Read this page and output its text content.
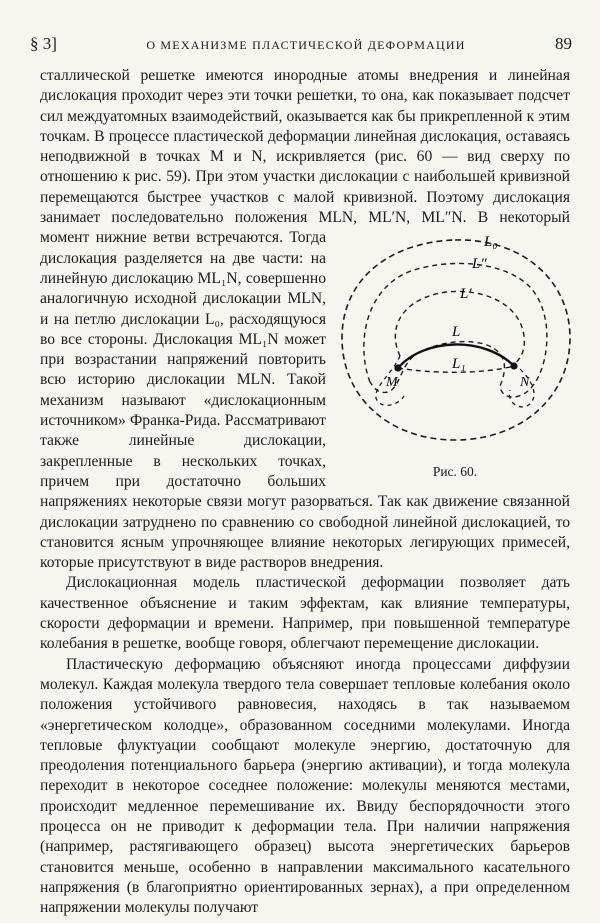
§ 3]	О МЕХАНИЗМЕ ПЛАСТИЧЕСКОЙ ДЕФОРМАЦИИ	89
L₀
L″
L′
L
L₁
M	N
Рис. 60.

сталлической решетке имеются инородные атомы внедрения и линейная дислокация проходит через эти точки решетки, то она, как показывает подсчет сил междуатомных взаимодействий, оказывается как бы прикрепленной к этим точкам. В процессе пластической деформации линейная дислокация, оставаясь неподвижной в точках M и N, искривляется (рис. 60 — вид сверху по отношению к рис. 59). При этом участки дислокации с наибольшей кривизной перемещаются быстрее участков с малой кривизной. Поэтому дислокация занимает последовательно положения MLN, ML′N, ML″N. В некоторый момент нижние ветви встречаются. Тогда дислокация разделяется на две части: на линейную дислокацию ML₁N, совершенно аналогичную исходной дислокации MLN, и на петлю дислокации L₀, расходящуюся во все стороны. Дислокация ML₁N может при возрастании напряжений повторить всю историю дислокации MLN. Такой механизм называют «дислокационным источником» Франка-Рида. Рассматривают также линейные дислокации, закрепленные в нескольких точках, причем при достаточно больших напряжениях некоторые связи могут разорваться. Так как движение связанной дислокации затруднено по сравнению со свободной линейной дислокацией, то становится ясным упрочняющее влияние некоторых легирующих примесей, которые присутствуют в виде растворов внедрения.

Дислокационная модель пластической деформации позволяет дать качественное объяснение и таким эффектам, как влияние температуры, скорости деформации и времени. Например, при повышенной температуре колебания в решетке, вообще говоря, облегчают перемещение дислокации.

Пластическую деформацию объясняют иногда процессами диффузии молекул. Каждая молекула твердого тела совершает тепловые колебания около положения устойчивого равновесия, находясь в так называемом «энергетическом колодце», образованном соседними молекулами. Иногда тепловые флуктуации сообщают молекуле энергию, достаточную для преодоления потенциального барьера (энергию активации), и тогда молекула переходит в некоторое соседнее положение: молекулы меняются местами, происходит медленное перемешивание их. Ввиду беспорядочности этого процесса он не приводит к деформации тела. При наличии напряжения (например, растягивающего образец) высота энергетических барьеров становится меньше, особенно в направлении максимального касательного напряжения (в благоприятно ориентированных зернах), а при определенном напряжении молекулы получают
